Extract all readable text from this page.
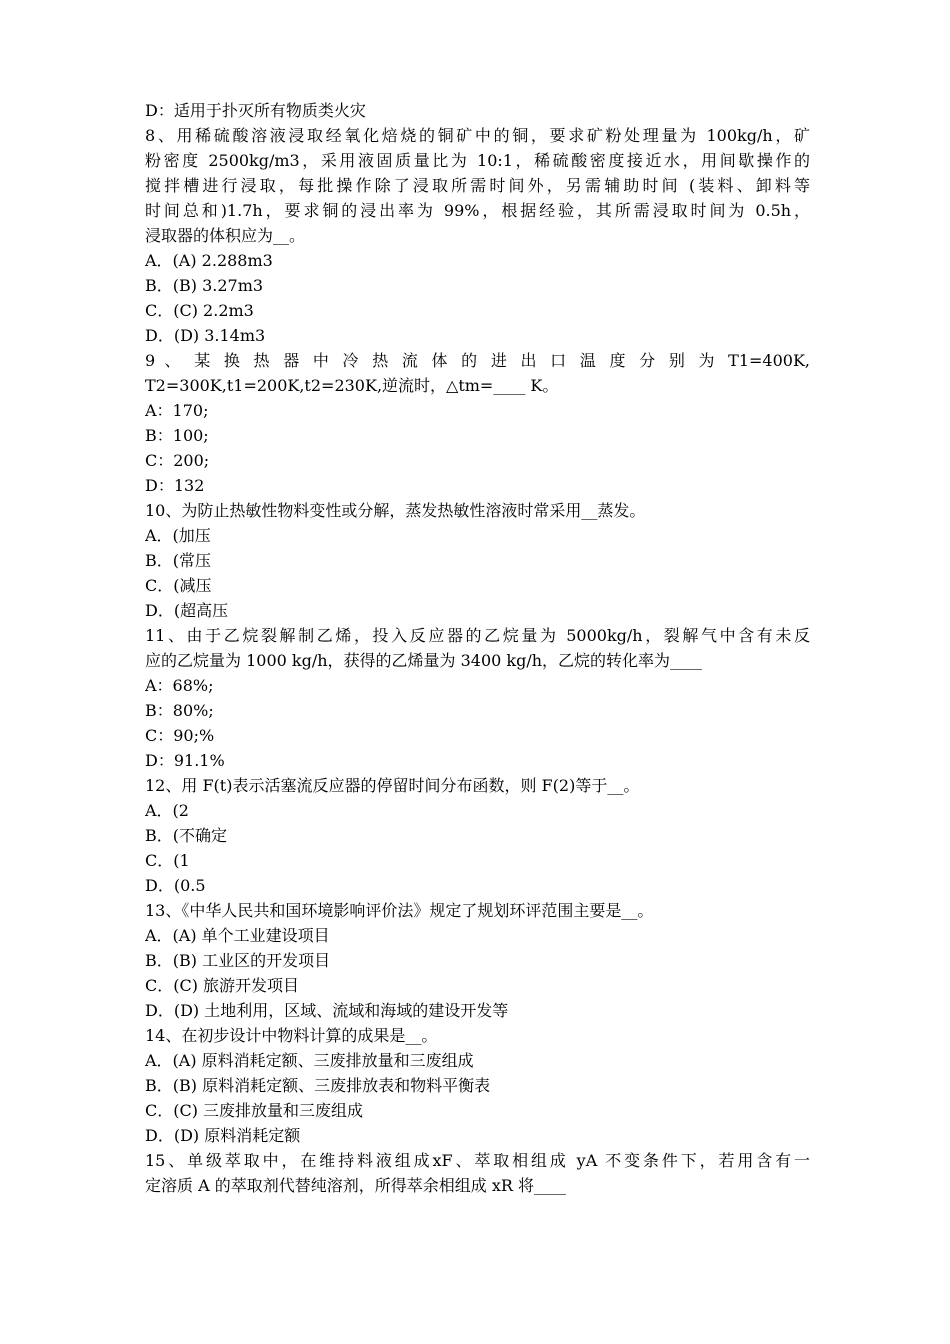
D：适用于扑灭所有物质类火灾
8、用稀硫酸溶液浸取经氧化焙烧的铜矿中的铜，要求矿粉处理量为 100kg/h，矿
粉密度 2500kg/m3，采用液固质量比为 10:1，稀硫酸密度接近水，用间歇操作的
搅拌槽进行浸取，每批操作除了浸取所需时间外，另需辅助时间 (装料、卸料等
时间总和)1.7h，要求铜的浸出率为 99%，根据经验，其所需浸取时间为 0.5h，
浸取器的体积应为__。
A．(A) 2.288m3
B．(B) 3.27m3
C．(C) 2.2m3
D．(D) 3.14m3
9 、 某 换 热 器 中 冷 热 流 体 的 进 出 口 温 度 分 别 为 T1=400K,
T2=300K,t1=200K,t2=230K,逆流时，△tm=____ K。
A：170;
B：100;
C：200;
D：132
10、为防止热敏性物料变性或分解，蒸发热敏性溶液时常采用__蒸发。
A．(加压
B．(常压
C．(减压
D．(超高压
11、由于乙烷裂解制乙烯，投入反应器的乙烷量为 5000kg/h，裂解气中含有未反
应的乙烷量为 1000 kg/h，获得的乙烯量为 3400 kg/h，乙烷的转化率为____
A：68%;
B：80%;
C：90;%
D：91.1%
12、用 F(t)表示活塞流反应器的停留时间分布函数，则 F(2)等于__。
A．(2
B．(不确定
C．(1
D．(0.5
13、《中华人民共和国环境影响评价法》规定了规划环评范围主要是__。
A．(A) 单个工业建设项目
B．(B) 工业区的开发项目
C．(C) 旅游开发项目
D．(D) 土地利用，区域、流域和海域的建设开发等
14、在初步设计中物料计算的成果是__。
A．(A) 原料消耗定额、三废排放量和三废组成
B．(B) 原料消耗定额、三废排放表和物料平衡表
C．(C) 三废排放量和三废组成
D．(D) 原料消耗定额
15、单级萃取中，在维持料液组成xF、萃取相组成 yA 不变条件下，若用含有一
定溶质 A 的萃取剂代替纯溶剂，所得萃余相组成 xR 将____
